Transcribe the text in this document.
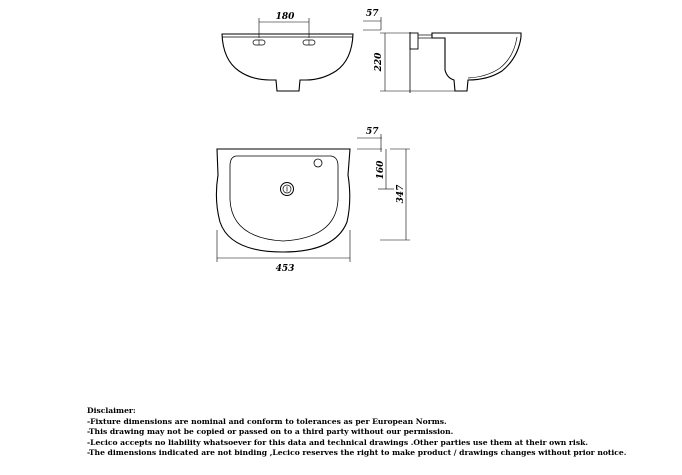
180	57
220
57
160
347
453
Disclaimer:
-Fixture dimensions are nominal and conform to tolerances as per European Norms.
-This drawing may not be copied or passed on to a third party without our permission.
-Lecico accepts no liability whatsoever for this data and technical drawings .Other parties use them at their own risk.
-The dimensions indicated are not binding ,Lecico reserves the right to make product / drawings changes without prior notice.
